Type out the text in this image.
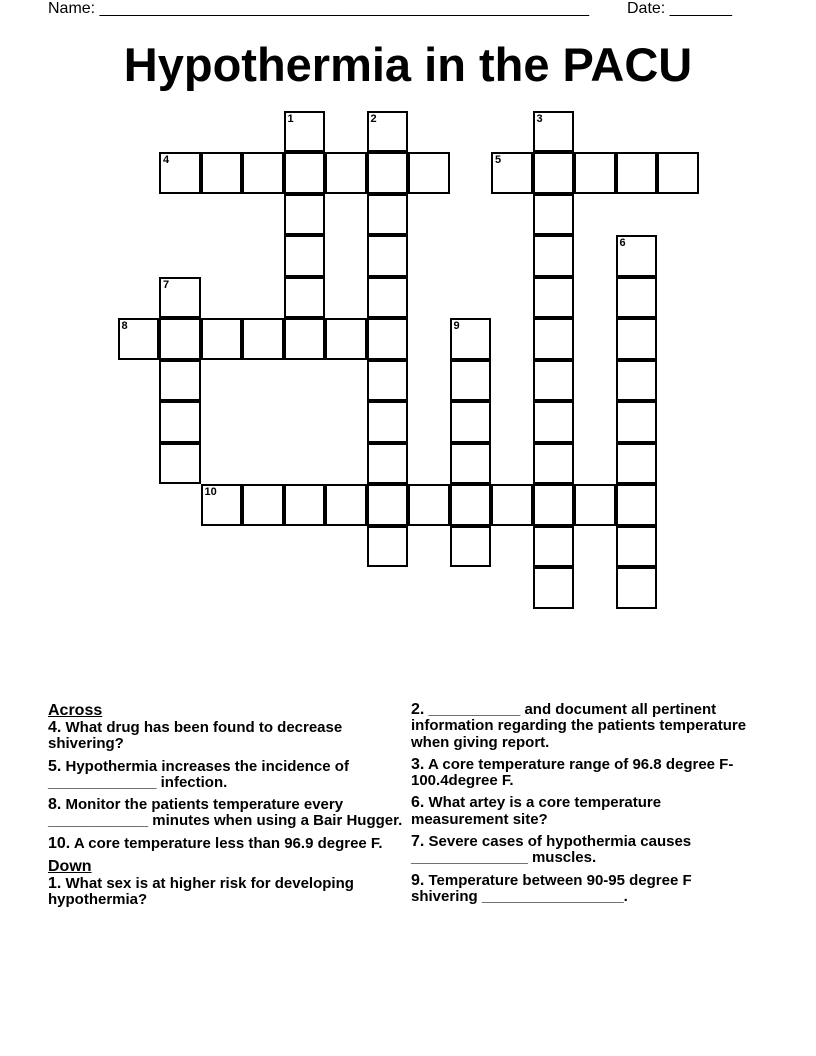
Name: _______________________________________________________ Date: _______
Hypothermia in the PACU
1	2	3
4	5
6
7
8	9
10
Across
4. What drug has been found to decrease shivering?
5. Hypothermia increases the incidence of _____________ infection.
8. Monitor the patients temperature every ____________ minutes when using a Bair Hugger.
10. A core temperature less than 96.9 degree F.
Down
1. What sex is at higher risk for developing hypothermia?
2. ___________ and document all pertinent information regarding the patients temperature when giving report.
3. A core temperature range of 96.8 degree F-100.4degree F.
6. What artey is a core temperature measurement site?
7. Severe cases of hypothermia causes ______________ muscles.
9. Temperature between 90-95 degree F shivering _________________.
